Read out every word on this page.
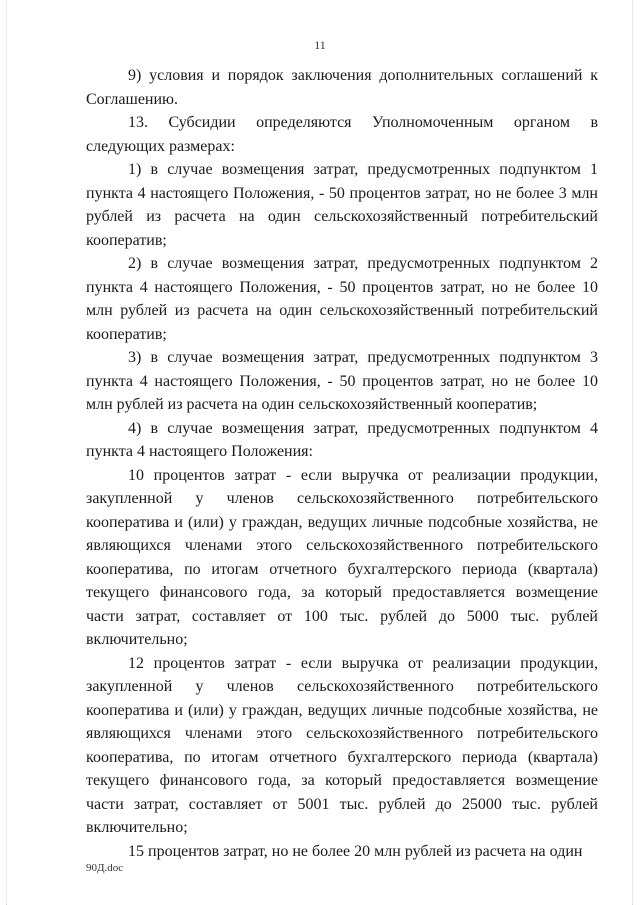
11

9) условия и порядок заключения дополнительных соглашений к Соглашению.

13. Субсидии определяются Уполномоченным органом в следующих размерах:

1) в случае возмещения затрат, предусмотренных подпунктом 1 пункта 4 настоящего Положения, - 50 процентов затрат, но не более 3 млн рублей из расчета на один сельскохозяйственный потребительский кооператив;

2) в случае возмещения затрат, предусмотренных подпунктом 2 пункта 4 настоящего Положения, - 50 процентов затрат, но не более 10 млн рублей из расчета на один сельскохозяйственный потребительский кооператив;

3) в случае возмещения затрат, предусмотренных подпунктом 3 пункта 4 настоящего Положения, - 50 процентов затрат, но не более 10 млн рублей из расчета на один сельскохозяйственный кооператив;

4) в случае возмещения затрат, предусмотренных подпунктом 4 пункта 4 настоящего Положения:

10 процентов затрат - если выручка от реализации продукции, закупленной у членов сельскохозяйственного потребительского кооператива и (или) у граждан, ведущих личные подсобные хозяйства, не являющихся членами этого сельскохозяйственного потребительского кооператива, по итогам отчетного бухгалтерского периода (квартала) текущего финансового года, за который предоставляется возмещение части затрат, составляет от 100 тыс. рублей до 5000 тыс. рублей включительно;

12 процентов затрат - если выручка от реализации продукции, закупленной у членов сельскохозяйственного потребительского кооператива и (или) у граждан, ведущих личные подсобные хозяйства, не являющихся членами этого сельскохозяйственного потребительского кооператива, по итогам отчетного бухгалтерского периода (квартала) текущего финансового года, за который предоставляется возмещение части затрат, составляет от 5001 тыс. рублей до 25000 тыс. рублей включительно;

15 процентов затрат, но не более 20 млн рублей из расчета на один

90Д.doc
